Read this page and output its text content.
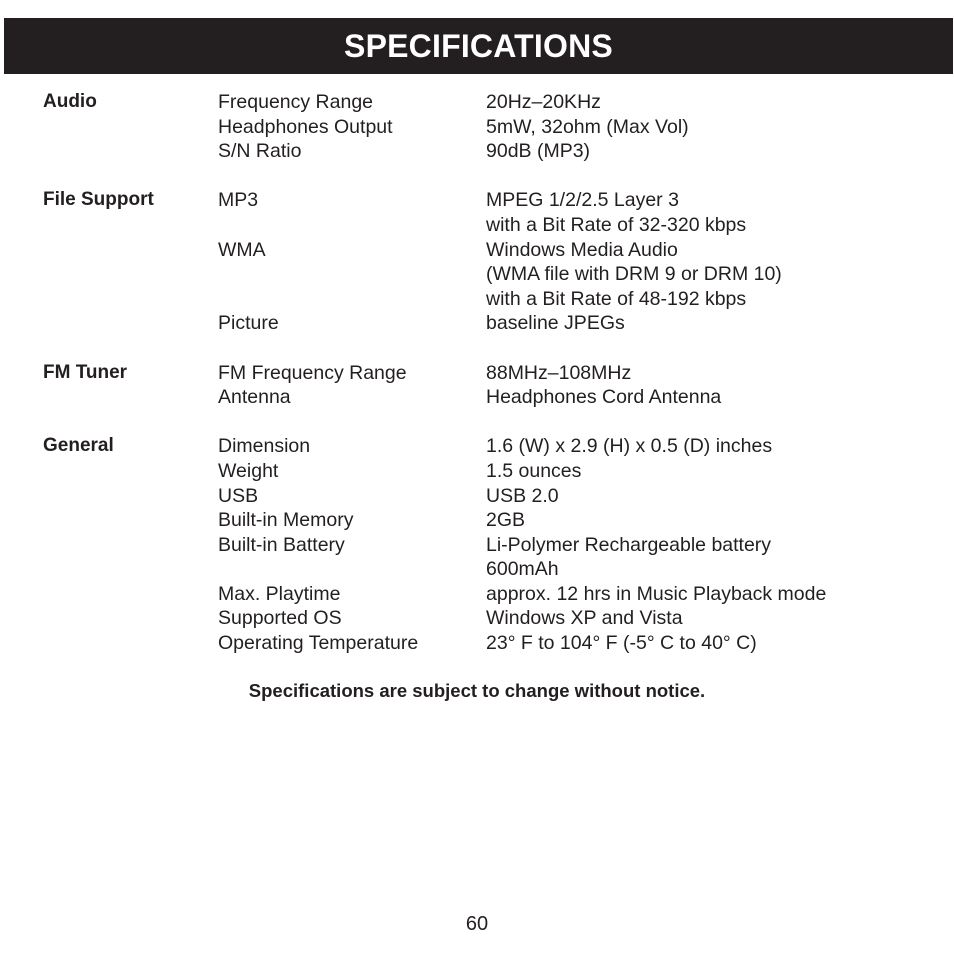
SPECIFICATIONS
Audio	Frequency Range	20Hz–20KHz
Headphones Output	5mW, 32ohm (Max Vol)
S/N Ratio	90dB (MP3)
File Support	MP3	MPEG 1/2/2.5 Layer 3
with a Bit Rate of 32-320 kbps
WMA	Windows Media Audio
(WMA file with DRM 9 or DRM 10)
with a Bit Rate of 48-192 kbps
Picture	baseline JPEGs
FM Tuner	FM Frequency Range	88MHz–108MHz
Antenna	Headphones Cord Antenna
General	Dimension	1.6 (W) x 2.9 (H) x 0.5 (D) inches
Weight	1.5 ounces
USB	USB 2.0
Built-in Memory	2GB
Built-in Battery	Li-Polymer Rechargeable battery
600mAh
Max. Playtime	approx. 12 hrs in Music Playback mode
Supported OS	Windows XP and Vista
Operating Temperature	23° F to 104° F (-5° C to 40° C)
Specifications are subject to change without notice.
60
